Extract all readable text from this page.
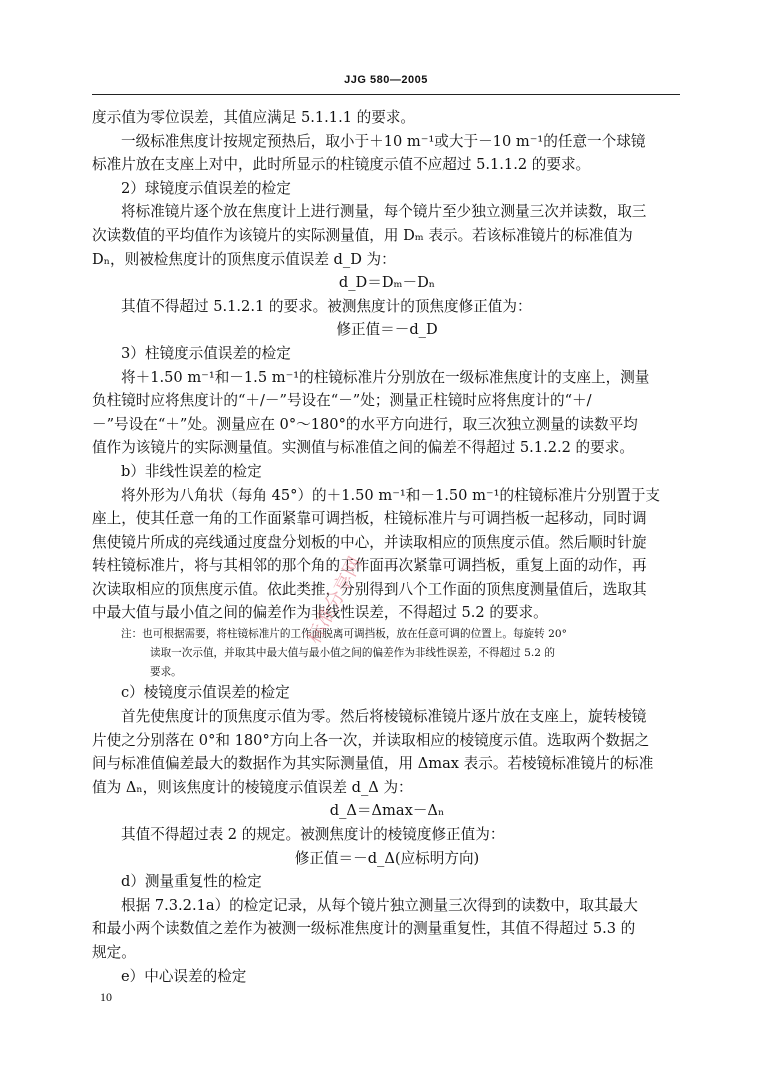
JJG 580—2005
度示值为零位误差，其值应满足 5.1.1.1 的要求。
一级标准焦度计按规定预热后，取小于＋10 m⁻¹或大于－10 m⁻¹的任意一个球镜
标准片放在支座上对中，此时所显示的柱镜度示值不应超过 5.1.1.2 的要求。
2）球镜度示值误差的检定
将标准镜片逐个放在焦度计上进行测量，每个镜片至少独立测量三次并读数，取三
次读数值的平均值作为该镜片的实际测量值，用 Dₘ 表示。若该标准镜片的标准值为
Dₙ，则被检焦度计的顶焦度示值误差 d_D 为：
d_D＝Dₘ－Dₙ
其值不得超过 5.1.2.1 的要求。被测焦度计的顶焦度修正值为：
修正值＝－d_D
3）柱镜度示值误差的检定
将＋1.50 m⁻¹和－1.5 m⁻¹的柱镜标准片分别放在一级标准焦度计的支座上，测量
负柱镜时应将焦度计的“＋/－”号设在“－”处；测量正柱镜时应将焦度计的“＋/
－”号设在“＋”处。测量应在 0°～180°的水平方向进行，取三次独立测量的读数平均
值作为该镜片的实际测量值。实测值与标准值之间的偏差不得超过 5.1.2.2 的要求。
b）非线性误差的检定
将外形为八角状（每角 45°）的＋1.50 m⁻¹和－1.50 m⁻¹的柱镜标准片分别置于支
座上，使其任意一角的工作面紧靠可调挡板，柱镜标准片与可调挡板一起移动，同时调
焦使镜片所成的亮线通过度盘分划板的中心，并读取相应的顶焦度示值。然后顺时针旋
转柱镜标准片，将与其相邻的那个角的工作面再次紧靠可调挡板，重复上面的动作，再
次读取相应的顶焦度示值。依此类推，分别得到八个工作面的顶焦度测量值后，选取其
中最大值与最小值之间的偏差作为非线性误差，不得超过 5.2 的要求。
注：也可根据需要，将柱镜标准片的工作面脱离可调挡板，放在任意可调的位置上。每旋转 20°
读取一次示值，并取其中最大值与最小值之间的偏差作为非线性误差，不得超过 5.2 的
要求。
c）棱镜度示值误差的检定
首先使焦度计的顶焦度示值为零。然后将棱镜标准镜片逐片放在支座上，旋转棱镜
片使之分别落在 0°和 180°方向上各一次，并读取相应的棱镜度示值。选取两个数据之
间与标准值偏差最大的数据作为其实际测量值，用 Δmax 表示。若棱镜标准镜片的标准
值为 Δₙ，则该焦度计的棱镜度示值误差 d_Δ 为：
d_Δ＝Δmax－Δₙ
其值不得超过表 2 的规定。被测焦度计的棱镜度修正值为：
修正值＝－d_Δ(应标明方向)
d）测量重复性的检定
根据 7.3.2.1a）的检定记录，从每个镜片独立测量三次得到的读数中，取其最大
和最小两个读数值之差作为被测一级标准焦度计的测量重复性，其值不得超过 5.3 的
规定。
e）中心误差的检定
10
标准分享网
